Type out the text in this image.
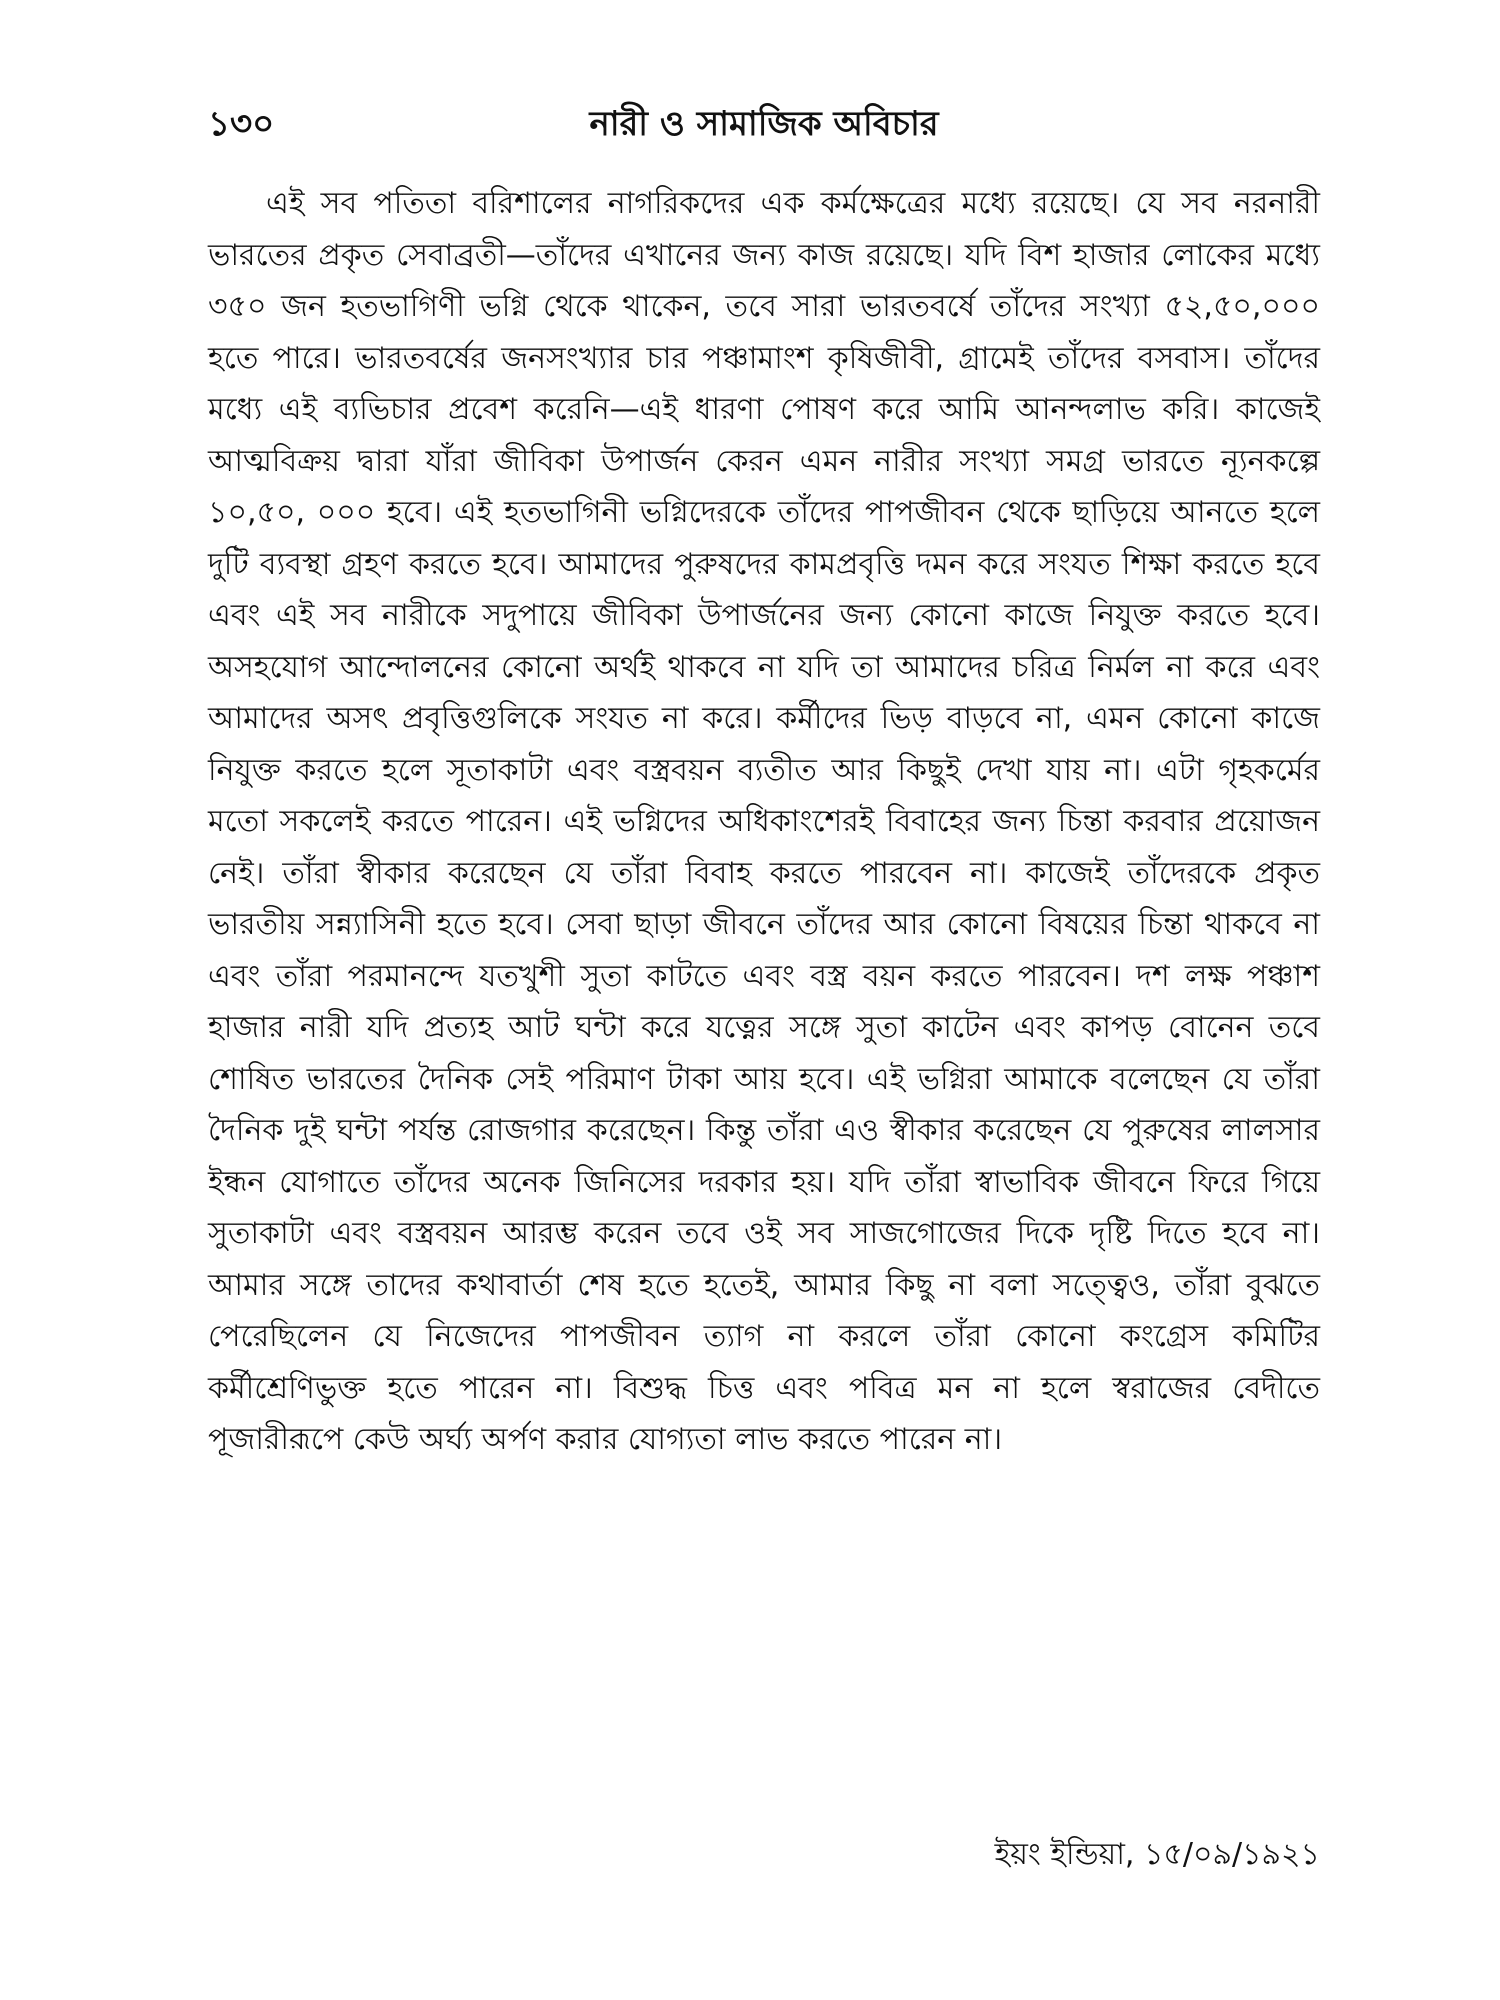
১৩০	নারী ও সামাজিক অবিচার

এই সব পতিতা বরিশালের নাগরিকদের এক কর্মক্ষেত্রের মধ্যে রয়েছে। যে সব নরনারী ভারতের প্রকৃত সেবাব্রতী—তাঁদের এখানের জন্য কাজ রয়েছে। যদি বিশ হাজার লোকের মধ্যে ৩৫০ জন হতভাগিণী ভগ্নি থেকে থাকেন, তবে সারা ভারতবর্ষে তাঁদের সংখ্যা ৫২,৫০,০০০ হতে পারে। ভারতবর্ষের জনসংখ্যার চার পঞ্চামাংশ কৃষিজীবী, গ্রামেই তাঁদের বসবাস। তাঁদের মধ্যে এই ব্যভিচার প্রবেশ করেনি—এই ধারণা পোষণ করে আমি আনন্দলাভ করি। কাজেই আত্মবিক্রয় দ্বারা যাঁরা জীবিকা উপার্জন কেরন এমন নারীর সংখ্যা সমগ্র ভারতে ন্যূনকল্পে ১০,৫০, ০০০ হবে। এই হতভাগিনী ভগ্নিদেরকে তাঁদের পাপজীবন থেকে ছাড়িয়ে আনতে হলে দুটি ব্যবস্থা গ্রহণ করতে হবে। আমাদের পুরুষদের কামপ্রবৃত্তি দমন করে সংযত শিক্ষা করতে হবে এবং এই সব নারীকে সদুপায়ে জীবিকা উপার্জনের জন্য কোনো কাজে নিযুক্ত করতে হবে। অসহযোগ আন্দোলনের কোনো অর্থই থাকবে না যদি তা আমাদের চরিত্র নির্মল না করে এবং আমাদের অসৎ প্রবৃত্তিগুলিকে সংযত না করে। কর্মীদের ভিড় বাড়বে না, এমন কোনো কাজে নিযুক্ত করতে হলে সূতাকাটা এবং বস্ত্রবয়ন ব্যতীত আর কিছুই দেখা যায় না। এটা গৃহকর্মের মতো সকলেই করতে পারেন। এই ভগ্নিদের অধিকাংশেরই বিবাহের জন্য চিন্তা করবার প্রয়োজন নেই। তাঁরা স্বীকার করেছেন যে তাঁরা বিবাহ করতে পারবেন না। কাজেই তাঁদেরকে প্রকৃত ভারতীয় সন্ন্যাসিনী হতে হবে। সেবা ছাড়া জীবনে তাঁদের আর কোনো বিষয়ের চিন্তা থাকবে না এবং তাঁরা পরমানন্দে যতখুশী সুতা কাটতে এবং বস্ত্র বয়ন করতে পারবেন। দশ লক্ষ পঞ্চাশ হাজার নারী যদি প্রত্যহ আট ঘন্টা করে যত্নের সঙ্গে সুতা কাটেন এবং কাপড় বোনেন তবে শোষিত ভারতের দৈনিক সেই পরিমাণ টাকা আয় হবে। এই ভগ্নিরা আমাকে বলেছেন যে তাঁরা দৈনিক দুই ঘন্টা পর্যন্ত রোজগার করেছেন। কিন্তু তাঁরা এও স্বীকার করেছেন যে পুরুষের লালসার ইন্ধন যোগাতে তাঁদের অনেক জিনিসের দরকার হয়। যদি তাঁরা স্বাভাবিক জীবনে ফিরে গিয়ে সুতাকাটা এবং বস্ত্রবয়ন আরম্ভ করেন তবে ওই সব সাজগোজের দিকে দৃষ্টি দিতে হবে না। আমার সঙ্গে তাদের কথাবার্তা শেষ হতে হতেই, আমার কিছু না বলা সত্ত্বেও, তাঁরা বুঝতে পেরেছিলেন যে নিজেদের পাপজীবন ত্যাগ না করলে তাঁরা কোনো কংগ্রেস কমিটির কর্মীশ্রেণিভুক্ত হতে পারেন না। বিশুদ্ধ চিত্ত এবং পবিত্র মন না হলে স্বরাজের বেদীতে পূজারীরূপে কেউ অর্ঘ্য অর্পণ করার যোগ্যতা লাভ করতে পারেন না।

ইয়ং ইন্ডিয়া, ১৫/০৯/১৯২১
